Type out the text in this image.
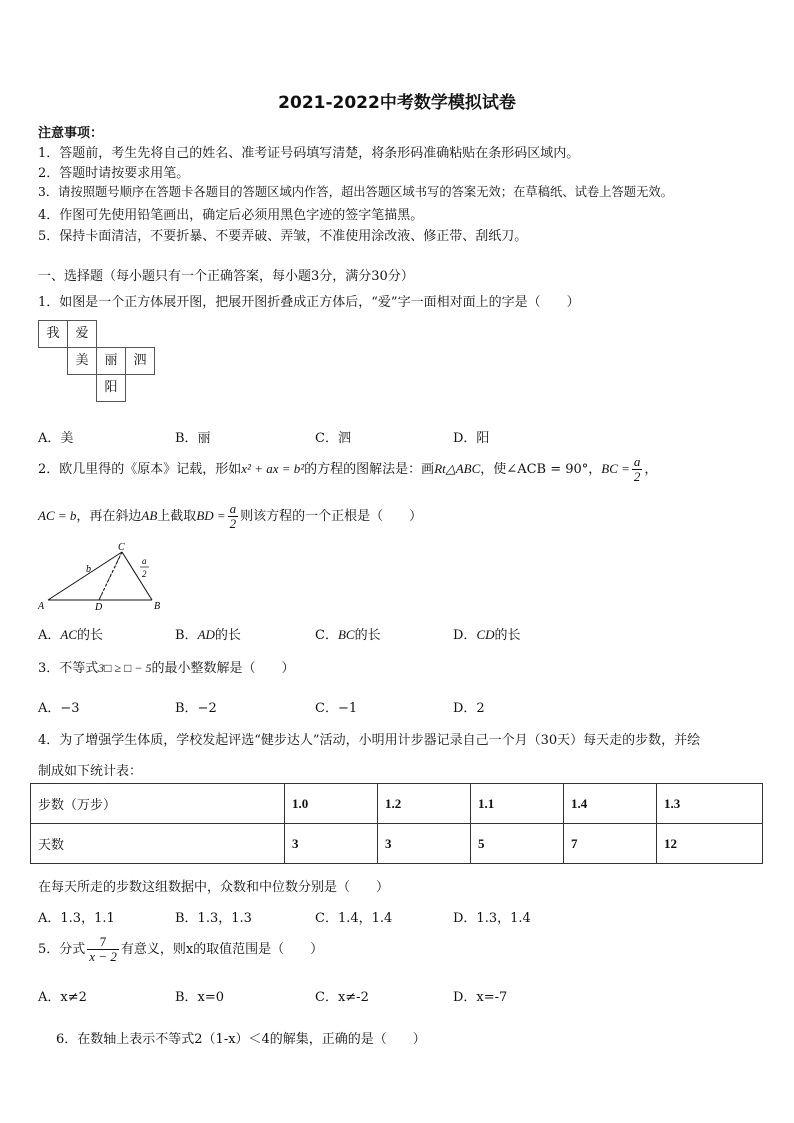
2021-2022中考数学模拟试卷
注意事项：
1．答题前，考生先将自己的姓名、准考证号码填写清楚，将条形码准确粘贴在条形码区域内。
2．答题时请按要求用笔。
3．请按照题号顺序在答题卡各题目的答题区域内作答，超出答题区域书写的答案无效；在草稿纸、试卷上答题无效。
4．作图可先使用铅笔画出，确定后必须用黑色字迹的签字笔描黑。
5．保持卡面清洁，不要折暴、不要弄破、弄皱，不准使用涂改液、修正带、刮纸刀。
一、选择题（每小题只有一个正确答案，每小题3分，满分30分）
1．如图是一个正方体展开图，把展开图折叠成正方体后，“爱”字一面相对面上的字是（　　）
我	爱
美	丽	泗
阳
A．美	B．丽	C．泗	D．阳
2．欧几里得的《原本》记载，形如x² + ax = b²的方程的图解法是：画Rt△ABC，使∠ACB = 90°，BC = $\frac{a}{2}$ ，
AC = b，再在斜边AB上截取BD = $\frac{a}{2}$ 则该方程的一个正根是（　　）
A	B
C
D
b
a
2
A．AC的长	B．AD的长	C．BC的长	D．CD的长
3．不等式3□ ≥ □ − 5的最小整数解是（　　）
A．−3	B．−2	C．−1	D．2
4．为了增强学生体质，学校发起评选“健步达人”活动，小明用计步器记录自己一个月（30天）每天走的步数，并绘
制成如下统计表：
步数（万步）	1.0	1.2	1.1	1.4	1.3
天数	3	3	5	7	12
在每天所走的步数这组数据中，众数和中位数分别是（　　）
A．1.3，1.1	B．1.3，1.3	C．1.4，1.4	D．1.3，1.4
5．分式 $\frac{7}{x - 2}$ 有意义，则x的取值范围是（　　）
A．x≠2	B．x=0	C．x≠-2	D．x=-7
6．在数轴上表示不等式2（1-x）＜4的解集，正确的是（　　）
